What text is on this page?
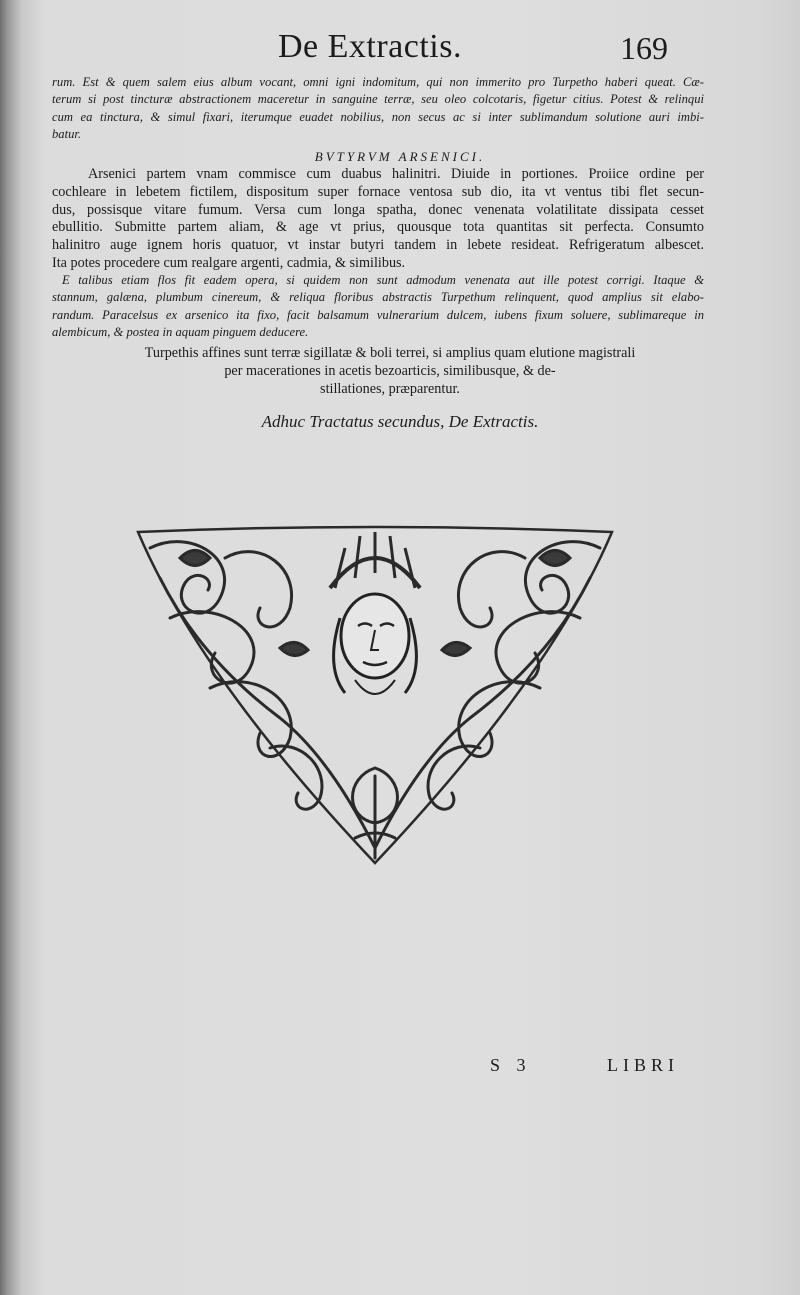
De Extractis.	169
rum. Est & quem salem eius album vocant, omni igni indomitum, qui non immerito pro Turpetho haberi queat. Cæ-
terum si post tincturæ abstractionem maceretur in sanguine terræ, seu oleo colcotaris, figetur citius. Potest & relinqui
cum ea tinctura, & simul fixari, iterumque euadet nobilius, non secus ac si inter sublimandum solutione auri imbi-
batur.
BVTYRVM ARSENICI.
Arsenici partem vnam commisce cum duabus halinitri. Diuide in portiones. Proiice ordine per
cochleare in lebetem fictilem, dispositum super fornace ventosa sub dio, ita vt ventus tibi flet secun-
dus, possisque vitare fumum. Versa cum longa spatha, donec venenata volatilitate dissipata cesset
ebullitio. Submitte partem aliam, & age vt prius, quousque tota quantitas sit perfecta. Consumto
halinitro auge ignem horis quatuor, vt instar butyri tandem in lebete resideat. Refrigeratum albescet.
Ita potes procedere cum realgare argenti, cadmia, & similibus.
E talibus etiam flos fit eadem opera, si quidem non sunt admodum venenata aut ille potest corrigi. Itaque &
stannum, galæna, plumbum cinereum, & reliqua floribus abstractis Turpethum relinquent, quod amplius sit elabo-
randum. Paracelsus ex arsenico ita fixo, facit balsamum vulnerarium dulcem, iubens fixum soluere, sublimareque in
alembicum, & postea in aquam pinguem deducere.
Turpethis affines sunt terræ sigillatæ & boli terrei, si amplius quam elutione magistrali
per macerationes in acetis bezoarticis, similibusque, & de-
stillationes, præparentur.
Adhuc Tractatus secundus, De Extractis.
S 3	LIBRI
